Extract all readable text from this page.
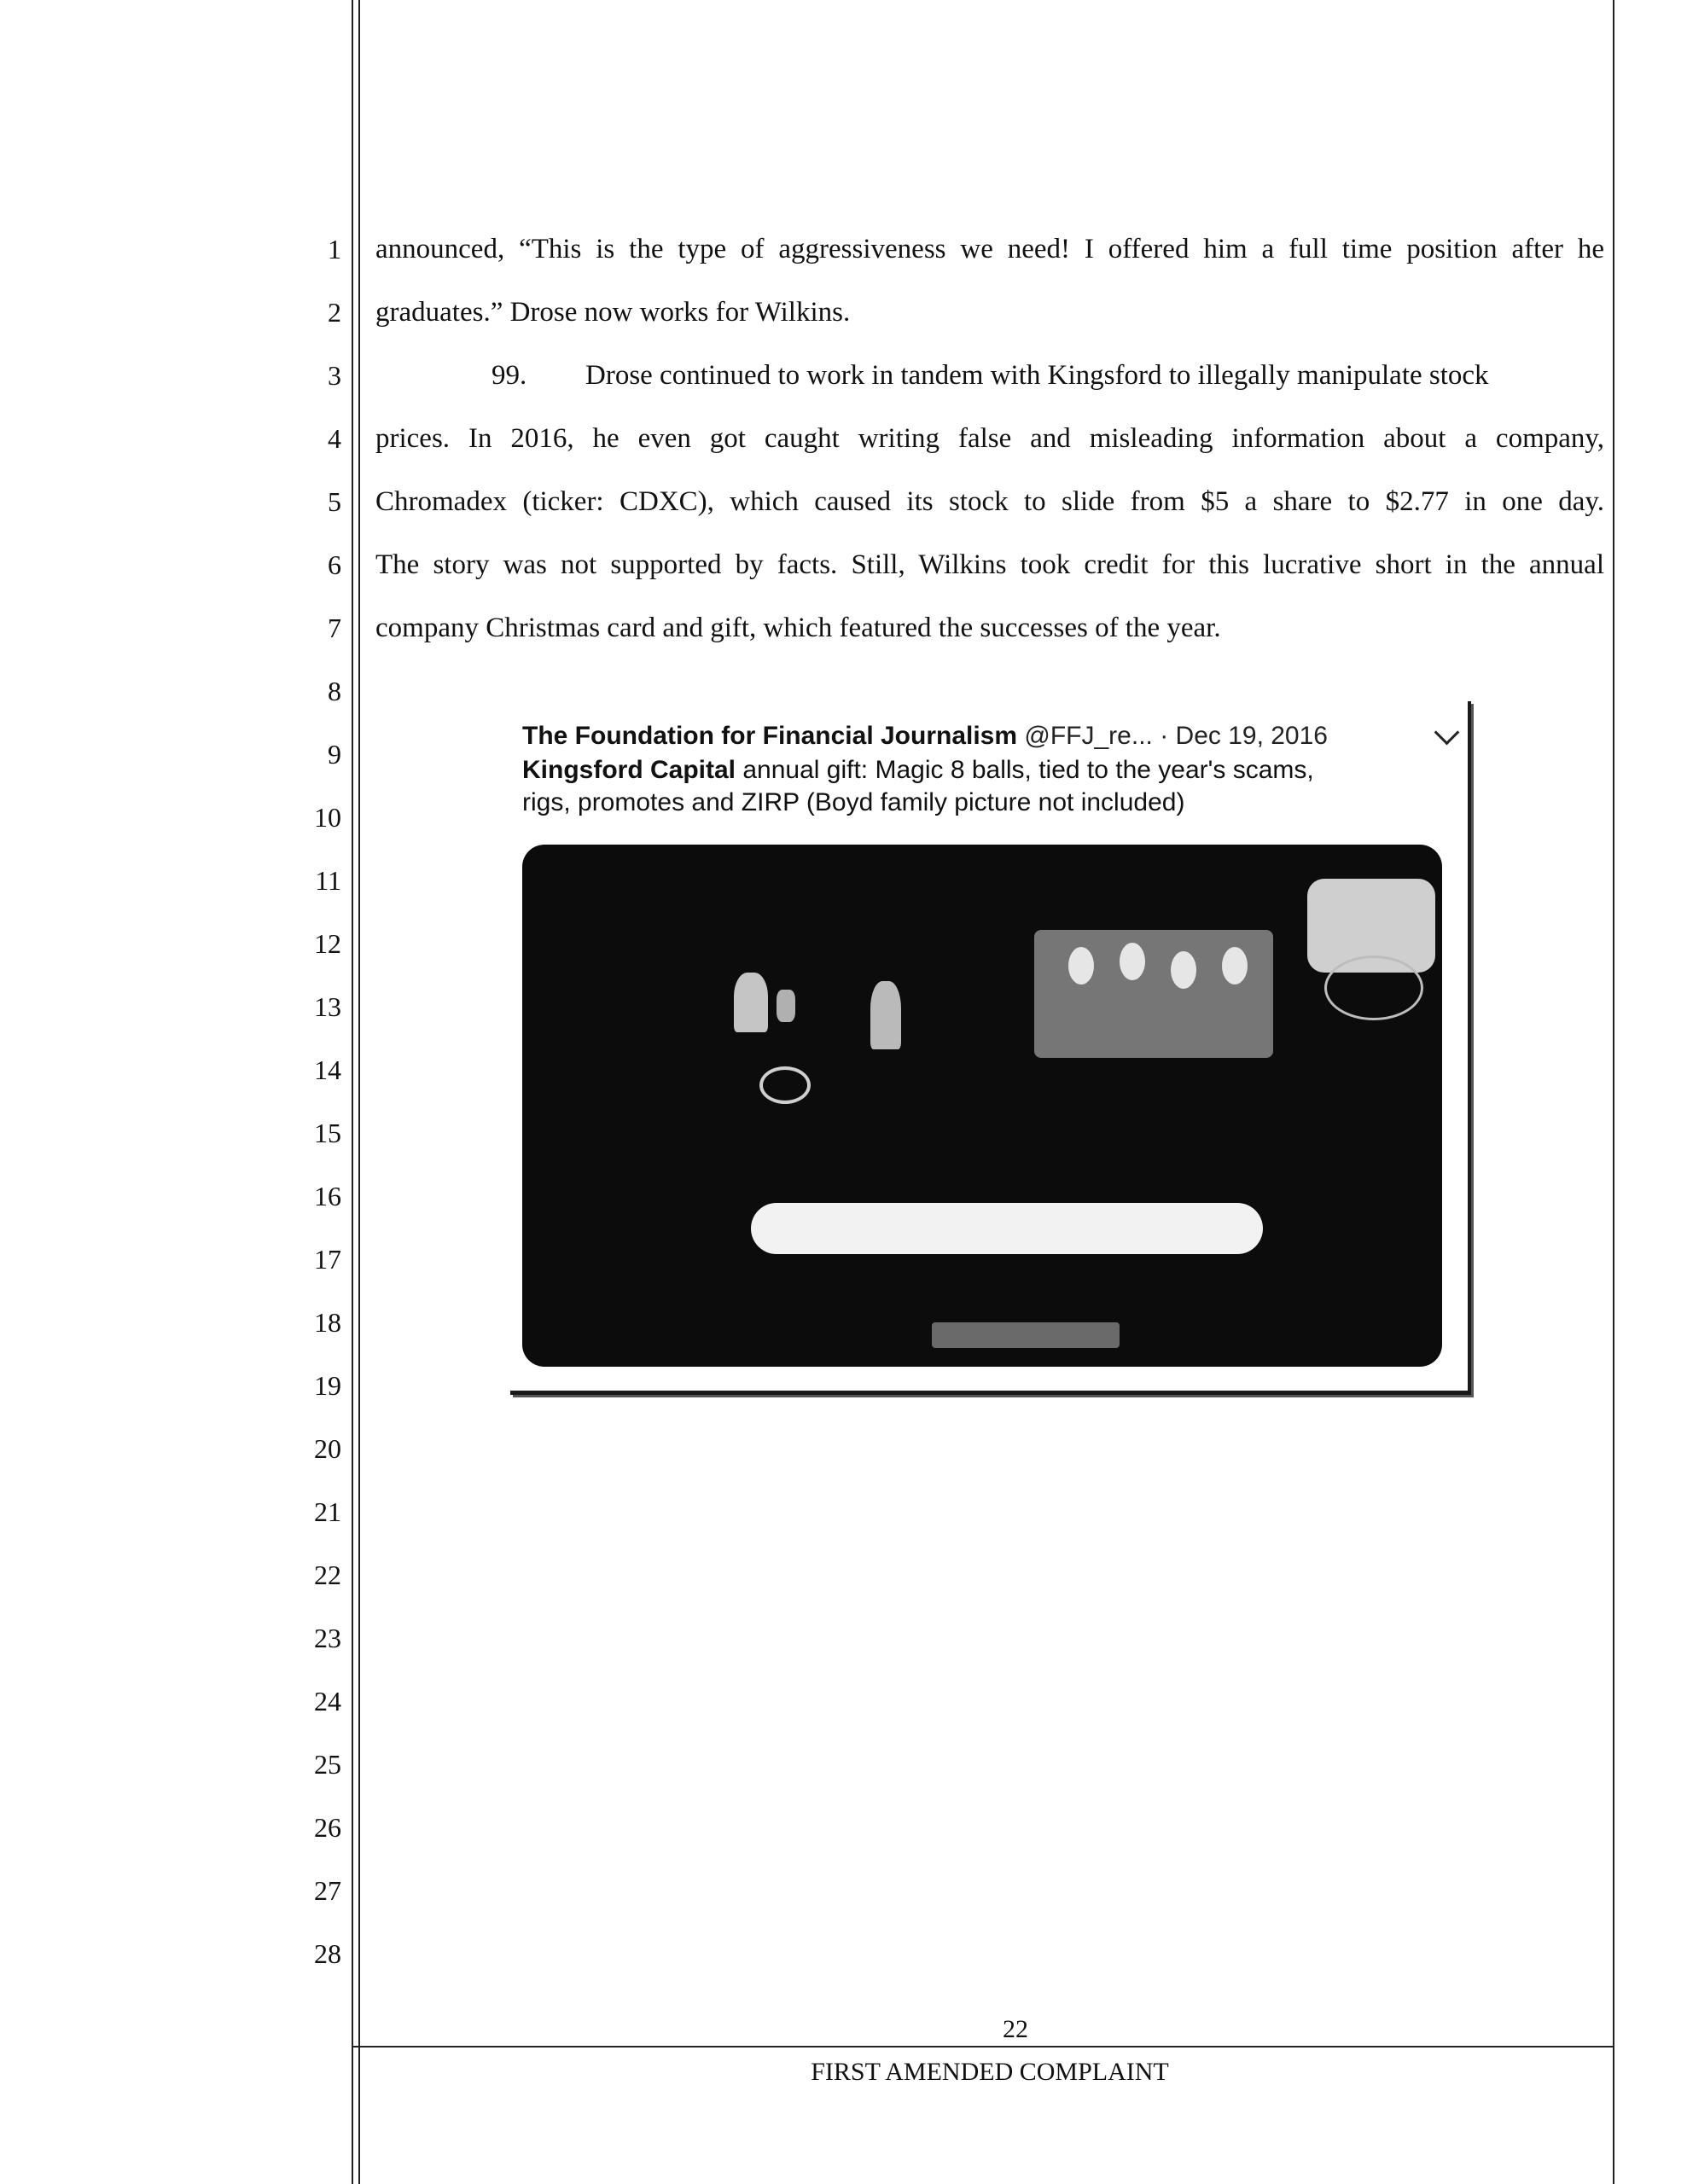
1
2
3
4
5
6
7
8
9
10
11
12
13
14
15
16
17
18
19
20
21
22
23
24
25
26
27
28
announced, “This is the type of aggressiveness we need! I offered him a full time position after he
graduates.” Drose now works for Wilkins.
99. Drose continued to work in tandem with Kingsford to illegally manipulate stock
prices. In 2016, he even got caught writing false and misleading information about a company,
Chromadex (ticker: CDXC), which caused its stock to slide from $5 a share to $2.77 in one day.
The story was not supported by facts. Still, Wilkins took credit for this lucrative short in the annual
company Christmas card and gift, which featured the successes of the year.
The Foundation for Financial Journalism @FFJ_re... · Dec 19, 2016
Kingsford Capital annual gift: Magic 8 balls, tied to the year's scams,
rigs, promotes and ZIRP (Boyd family picture not included)
22
FIRST AMENDED COMPLAINT
